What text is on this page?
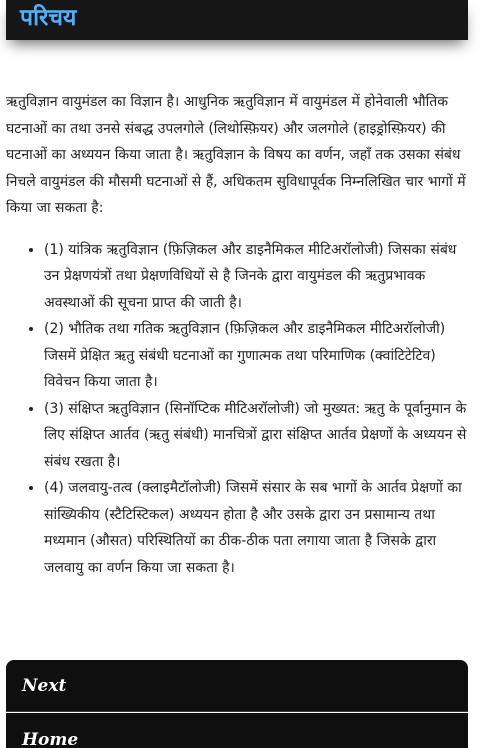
परिचय

ऋतुविज्ञान वायुमंडल का विज्ञान है। आधुनिक ऋतुविज्ञान में वायुमंडल में होनेवाली भौतिक घटनाओं का तथा उनसे संबद्ध उपलगोले (लिथोस्फ़ियर) और जलगोले (हाइड्रोस्फ़ियर) की घटनाओं का अध्ययन किया जाता है। ऋतुविज्ञान के विषय का वर्णन, जहाँ तक उसका संबंध निचले वायुमंडल की मौसमी घटनाओं से हैं, अधिकतम सुविधापूर्वक निम्नलिखित चार भागों में किया जा सकता है:

• (1) यांत्रिक ऋतुविज्ञान (फ़िज़िकल और डाइनैमिकल मीटिअरॉलोजी) जिसका संबंध उन प्रेक्षणयंत्रों तथा प्रेक्षणविधियों से है जिनके द्वारा वायुमंडल की ऋतुप्रभावक अवस्थाओं की सूचना प्राप्त की जाती है।
• (2) भौतिक तथा गतिक ऋतुविज्ञान (फ़िज़िकल और डाइनैमिकल मीटिअरॉलोजी) जिसमें प्रेक्षित ऋतु संबंधी घटनाओं का गुणात्मक तथा परिमाणिक (क्वांटिटेटिव) विवेचन किया जाता है।
• (3) संक्षिप्त ऋतुविज्ञान (सिनॉप्टिक मीटिअरॉलोजी) जो मुख्यत: ऋतु के पूर्वानुमान के लिए संक्षिप्त आर्तव (ऋतु संबंधी) मानचित्रों द्वारा संक्षिप्त आर्तव प्रेक्षणों के अध्ययन से संबंध रखता है।
• (4) जलवायु-तत्व (क्लाइमैटॉलोजी) जिसमें संसार के सब भागों के आर्तव प्रेक्षणों का सांख्यिकीय (स्टैटिस्टिकल) अध्ययन होता है और उसके द्वारा उन प्रसामान्य तथा मध्यमान (औसत) परिस्थितियों का ठीक-ठीक पता लगाया जाता है जिसके द्वारा जलवायु का वर्णन किया जा सकता है।
Next
Home
